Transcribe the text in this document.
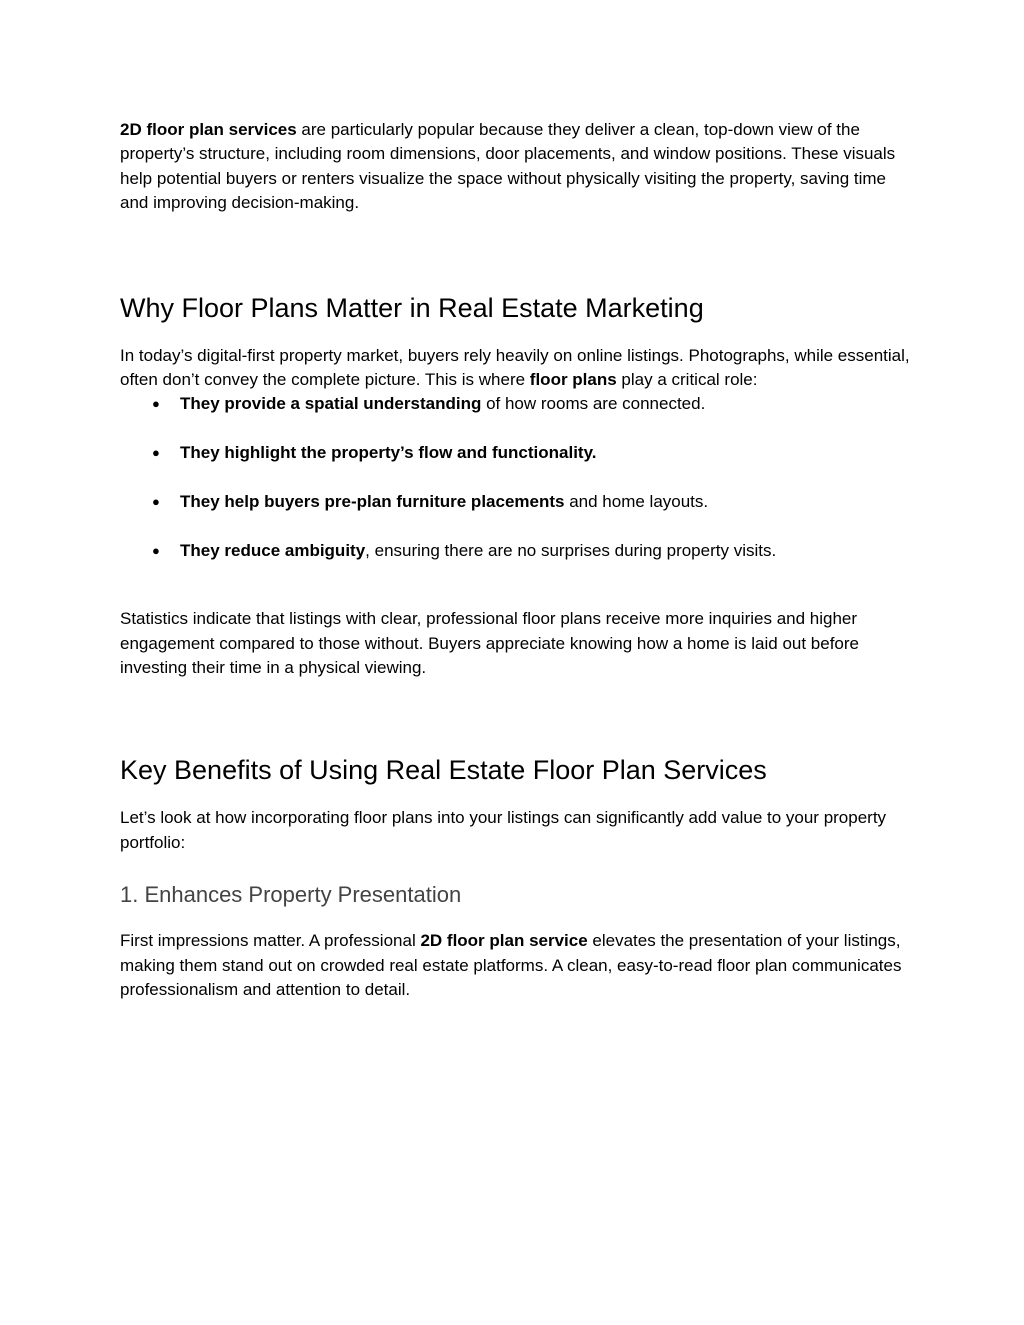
2D floor plan services are particularly popular because they deliver a clean, top-down view of the property’s structure, including room dimensions, door placements, and window positions. These visuals help potential buyers or renters visualize the space without physically visiting the property, saving time and improving decision-making.

Why Floor Plans Matter in Real Estate Marketing

In today’s digital-first property market, buyers rely heavily on online listings. Photographs, while essential, often don’t convey the complete picture. This is where floor plans play a critical role:

● They provide a spatial understanding of how rooms are connected.
● They highlight the property’s flow and functionality.
● They help buyers pre-plan furniture placements and home layouts.
● They reduce ambiguity, ensuring there are no surprises during property visits.

Statistics indicate that listings with clear, professional floor plans receive more inquiries and higher engagement compared to those without. Buyers appreciate knowing how a home is laid out before investing their time in a physical viewing.

Key Benefits of Using Real Estate Floor Plan Services

Let’s look at how incorporating floor plans into your listings can significantly add value to your property portfolio:

1. Enhances Property Presentation

First impressions matter. A professional 2D floor plan service elevates the presentation of your listings, making them stand out on crowded real estate platforms. A clean, easy-to-read floor plan communicates professionalism and attention to detail.
